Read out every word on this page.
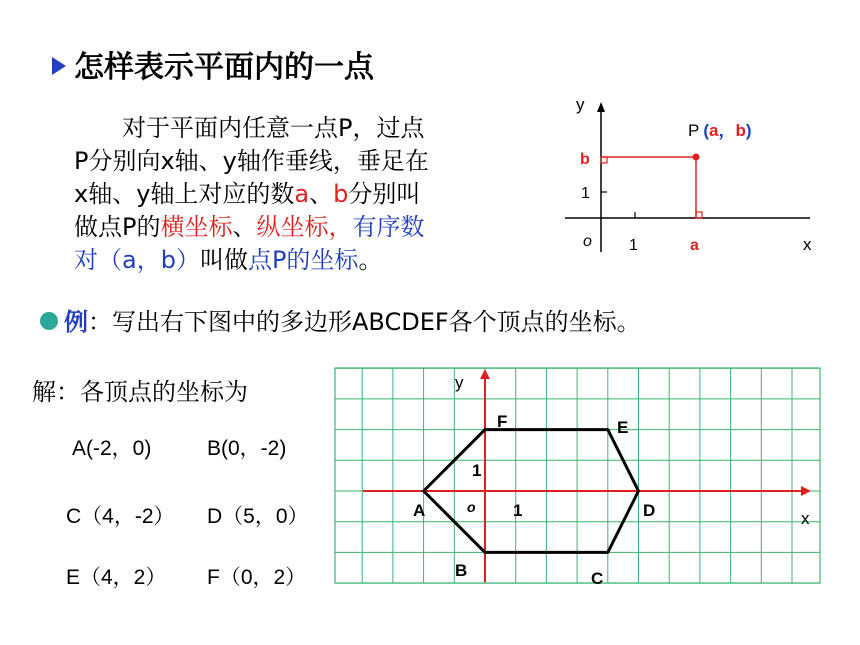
怎样表示平面内的一点
对于平面内任意一点P，过点
P分别向x轴、y轴作垂线，垂足在
x轴、y轴上对应的数a、b分别叫
做点P的横坐标、纵坐标，有序数
对（a，b）叫做点P的坐标。
y
x
o 1
1
b
a
P (a，b)
例：写出右下图中的多边形ABCDEF各个顶点的坐标。
解：各顶点的坐标为
A(-2，0)	B(0，-2)
C（4，-2） D（5，0）
E（4，2） F（0，2）
y
x
o 1
1
A
B	C
D
E
F
